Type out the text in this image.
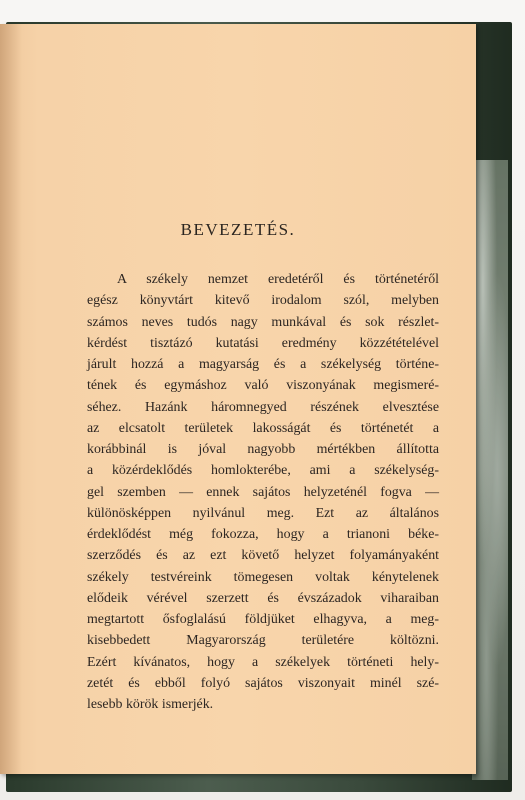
BEVEZETÉS.
A székely nemzet eredetéről és történetéről
egész könyvtárt kitevő irodalom szól, melyben
számos neves tudós nagy munkával és sok részlet-
kérdést tisztázó kutatási eredmény közzétételével
járult hozzá a magyarság és a székelység történe-
tének és egymáshoz való viszonyának megismeré-
séhez. Hazánk háromnegyed részének elvesztése
az elcsatolt területek lakosságát és történetét a
korábbinál is jóval nagyobb mértékben állította
a közérdeklődés homlokterébe, ami a székelység-
gel szemben — ennek sajátos helyzeténél fogva —
különösképpen nyilvánul meg. Ezt az általános
érdeklődést még fokozza, hogy a trianoni béke-
szerződés és az ezt követő helyzet folyamányaként
székely testvéreink tömegesen voltak kénytelenek
elődeik vérével szerzett és évszázadok viharaiban
megtartott ősfoglalású földjüket elhagyva, a meg-
kisebbedett Magyarország területére költözni.
Ezért kívánatos, hogy a székelyek történeti hely-
zetét és ebből folyó sajátos viszonyait minél szé-
lesebb körök ismerjék.
